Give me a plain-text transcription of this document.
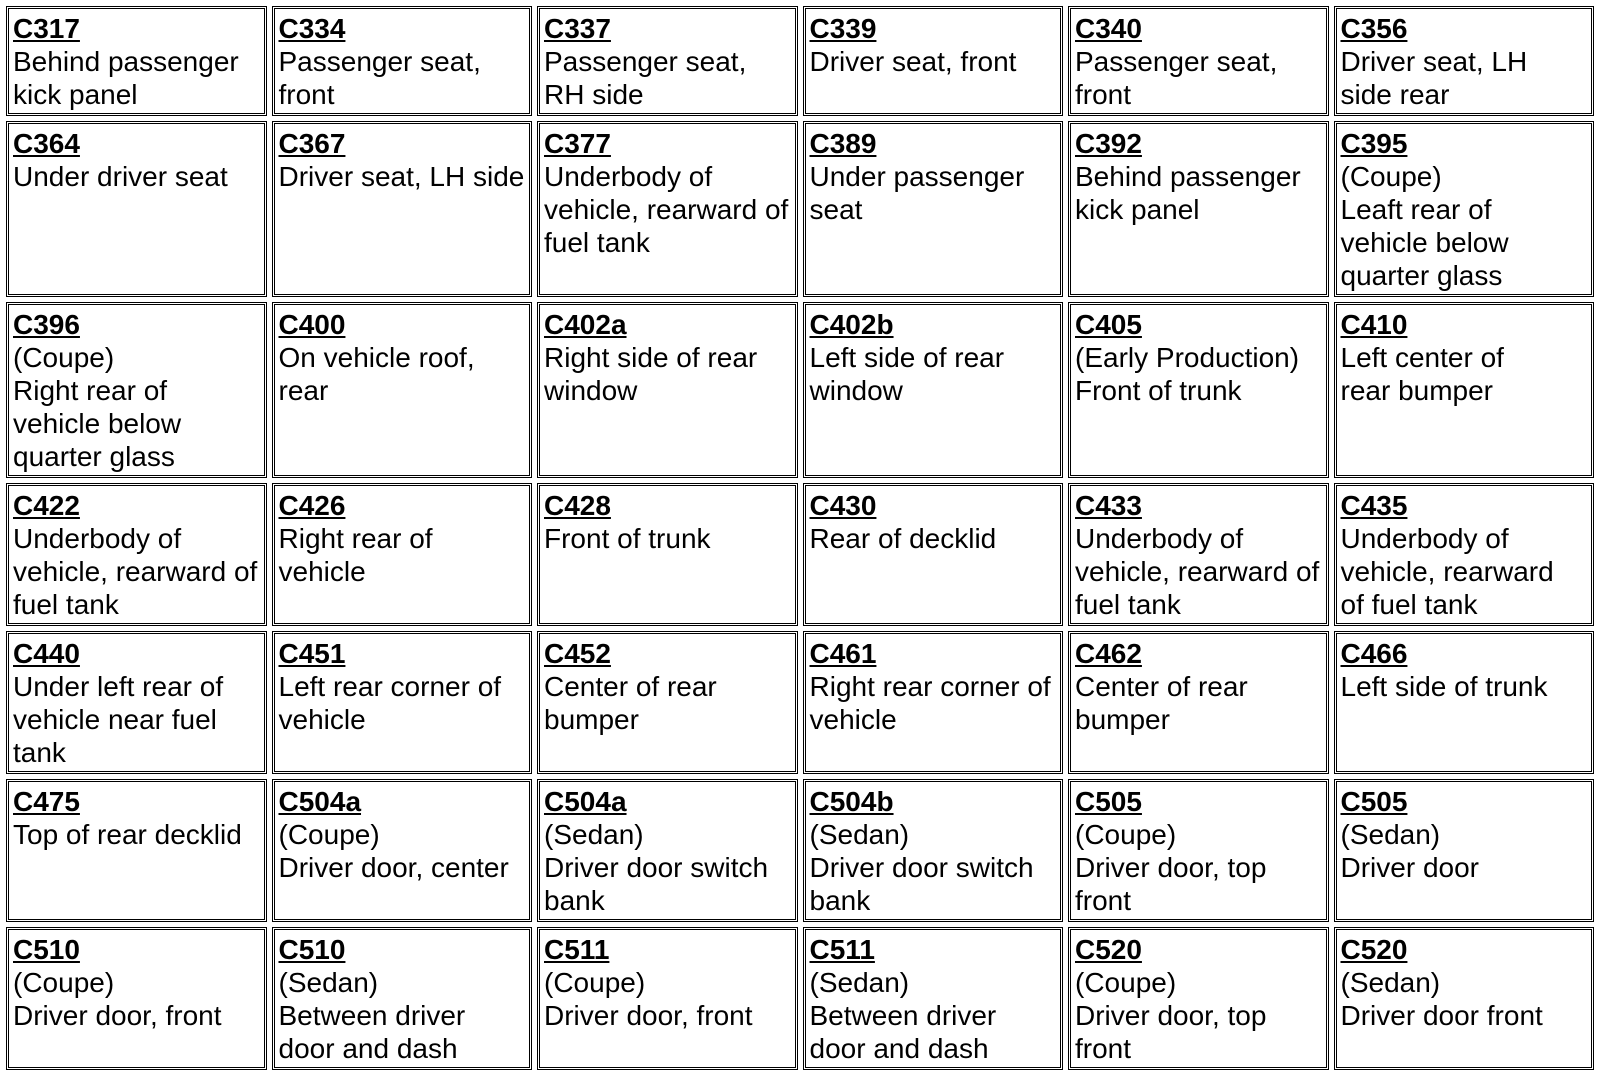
C317
Behind passenger
kick panel
C334
Passenger seat,
front
C337
Passenger seat,
RH side
C339
Driver seat, front
C340
Passenger seat,
front
C356
Driver seat, LH
side rear
C364
Under driver seat
C367
Driver seat, LH side
C377
Underbody of
vehicle, rearward of
fuel tank
C389
Under passenger
seat
C392
Behind passenger
kick panel
C395
(Coupe)
Leaft rear of
vehicle below
quarter glass
C396
(Coupe)
Right rear of
vehicle below
quarter glass
C400
On vehicle roof,
rear
C402a
Right side of rear
window
C402b
Left side of rear
window
C405
(Early Production)
Front of trunk
C410
Left center of
rear bumper
C422
Underbody of
vehicle, rearward of
fuel tank
C426
Right rear of
vehicle
C428
Front of trunk
C430
Rear of decklid
C433
Underbody of
vehicle, rearward of
fuel tank
C435
Underbody of
vehicle, rearward
of fuel tank
C440
Under left rear of
vehicle near fuel
tank
C451
Left rear corner of
vehicle
C452
Center of rear
bumper
C461
Right rear corner of
vehicle
C462
Center of rear
bumper
C466
Left side of trunk
C475
Top of rear decklid
C504a
(Coupe)
Driver door, center
C504a
(Sedan)
Driver door switch
bank
C504b
(Sedan)
Driver door switch
bank
C505
(Coupe)
Driver door, top
front
C505
(Sedan)
Driver door
C510
(Coupe)
Driver door, front
C510
(Sedan)
Between driver
door and dash
C511
(Coupe)
Driver door, front
C511
(Sedan)
Between driver
door and dash
C520
(Coupe)
Driver door, top
front
C520
(Sedan)
Driver door front
